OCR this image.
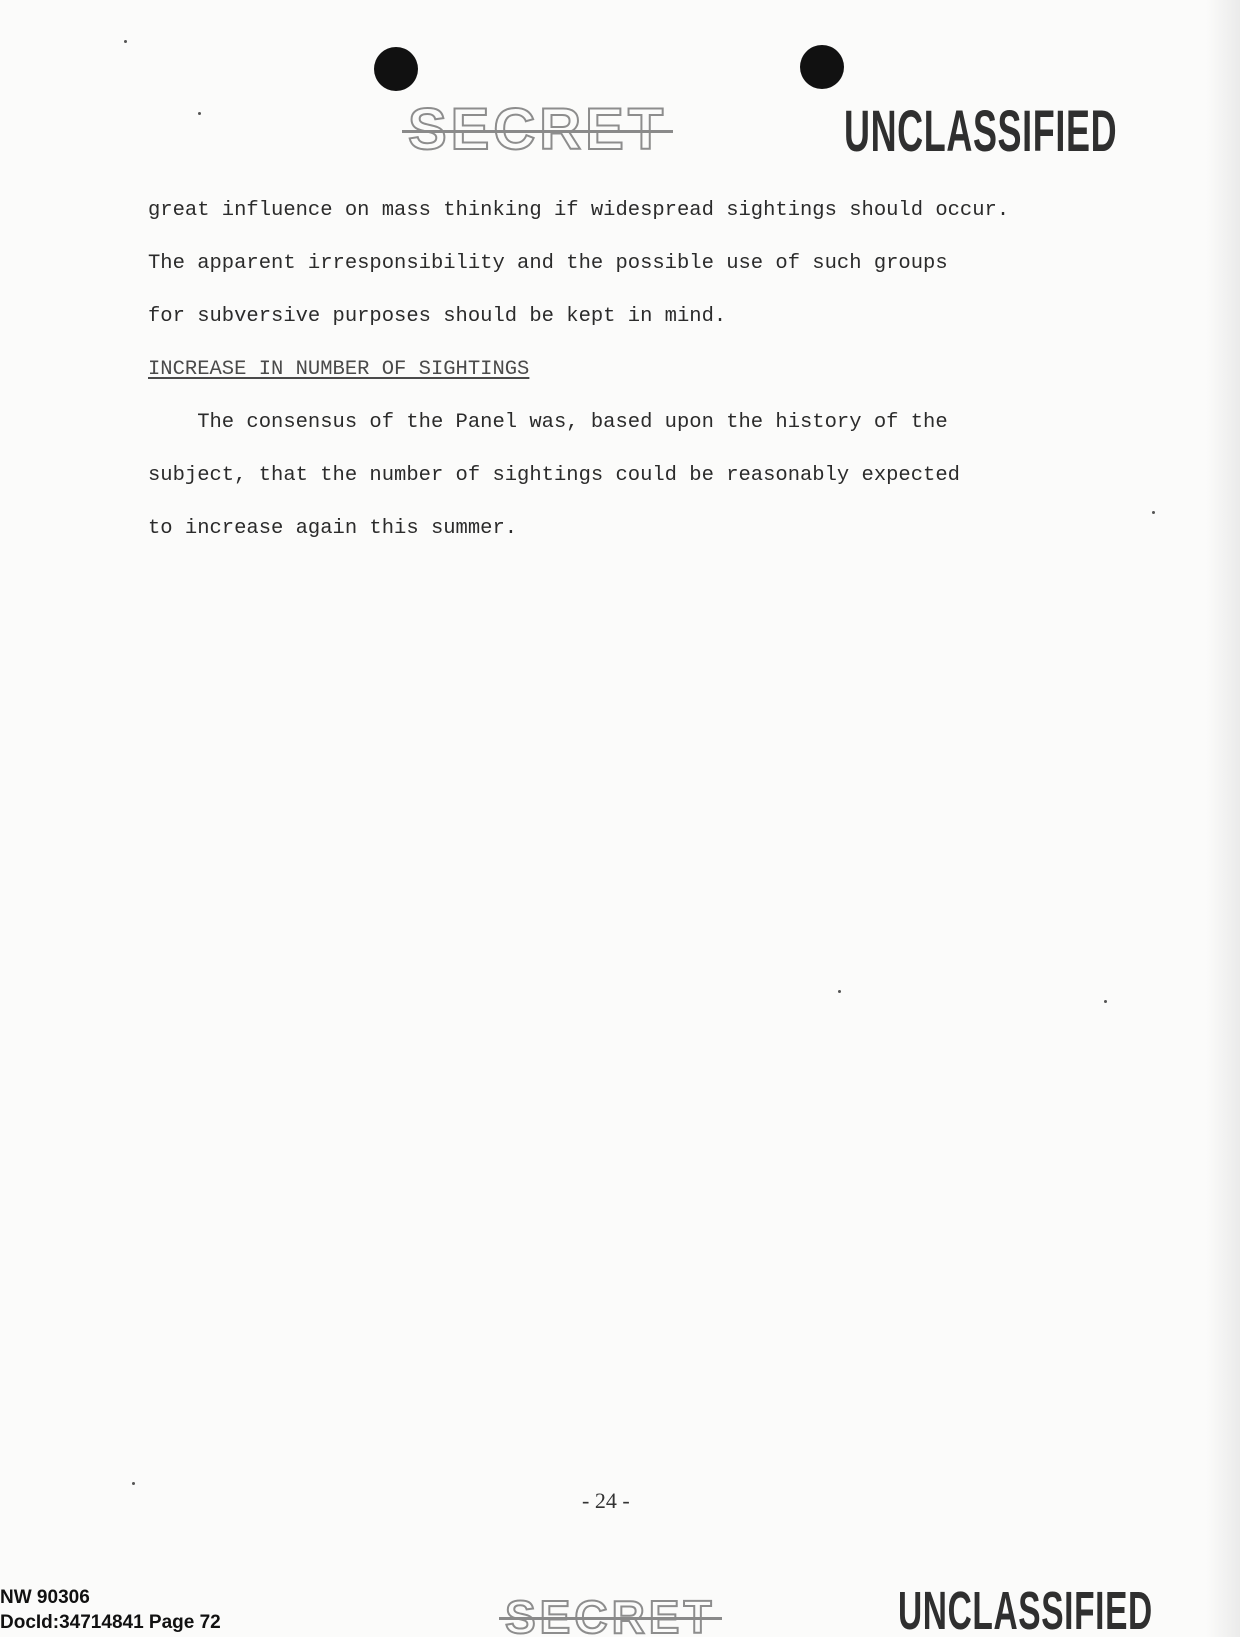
SECRET	UNCLASSIFIED
great influence on mass thinking if widespread sightings should occur.
The apparent irresponsibility and the possible use of such groups
for subversive purposes should be kept in mind.
INCREASE IN NUMBER OF SIGHTINGS
The consensus of the Panel was, based upon the history of the
subject, that the number of sightings could be reasonably expected
to increase again this summer.
- 24 -
SECRET	UNCLASSIFIED
NW 90306
DocId:34714841 Page 72
